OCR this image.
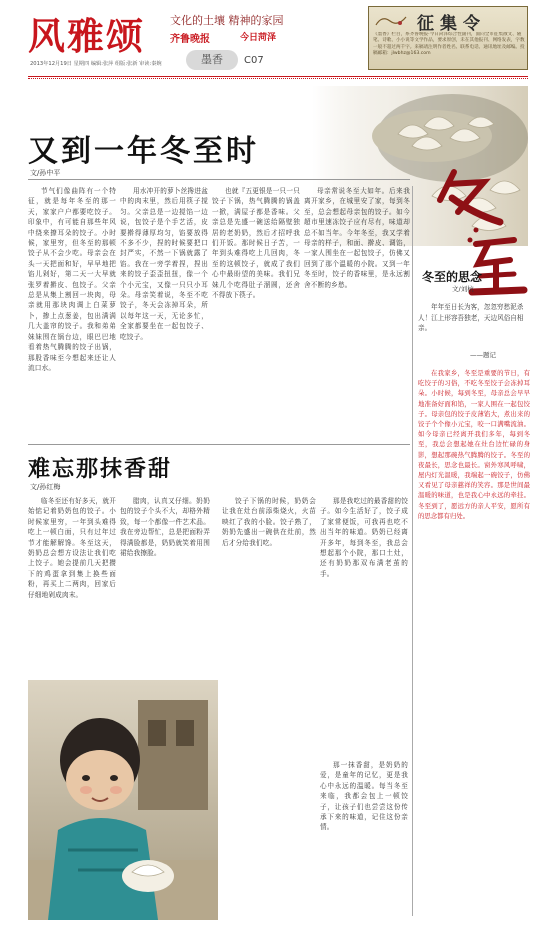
风雅颂 文化的土壤 精神的家园
齐鲁晚报	今日菏泽
墨香	C07
2013年12月19日 星期四 编辑:张萍 组版:张新 审读:秦婉
征集令
《墨香》栏目，系齐鲁晚报·今日菏泽综合性副刊，面向全市征集散文、随笔、诗歌、小小说等文学作品，要求原创，未在其他报刊、网络发表，字数一般不超过两千字。来稿请注明作者姓名、联系电话、通讯地址及邮编。投稿邮箱：jlwbhz@163.com
又到一年冬至时
文/孙中平
节气们像曲阵有一个特征，就是每年冬至的那一天，家家户户都要吃饺子。印象中，有可能自那些年风中绕来撩耳朵的饺子。小时候，家里穷，但冬至的那顿饺子从不会少吃。母亲会在头一天把面和好，早早地把馅儿剁好，第二天一大早就张罗着擀皮、包饺子。父亲总是从集上割回一块肉，母亲就用那块肉调上白菜萝卜，掺上点葱姜，包出满满几大盖帘的饺子。我和弟弟妹妹围在锅台边，眼巴巴地看着热气腾腾的饺子出锅，那股香味至今想起来还让人流口水。
用水冲开的萝卜丝搀进盆中的肉末里，然后用筷子搅匀。父亲总是一边搅馅一边说，包饺子是个手艺活，皮要擀得薄厚均匀，馅要放得不多不少，捏的时候要把口封严实，不然一下锅就露了馅。我在一旁学着捏，捏出来的饺子歪歪扭扭，像一个个小元宝，又像一只只小耳朵。母亲笑着说，冬至不吃饺子，冬天会冻掉耳朵，所以每年这一天，无论多忙，全家都要坐在一起包饺子、吃饺子。
也就『五更银是一只一只饺子下锅，热气腾腾的锅盖一掀，满屋子都是香味。父亲总是先盛一碗送给隔壁独居的老奶奶，然后才招呼我们开饭。那时候日子苦，一年到头难得吃上几回肉，冬至的这顿饺子，就成了我们心中最盼望的美味。我们兄妹几个吃得肚子溜圆，还舍不得放下筷子。
母亲常说冬至大如年。后来我离开家乡，在城里安了家，每到冬至，总会想起母亲包的饺子。如今超市里速冻饺子应有尽有，味道却总不如当年。今年冬至，我又学着母亲的样子，和面、擀皮、调馅，一家人围坐在一起包饺子，仿佛又回到了那个温暖的小院。又到一年冬至时，饺子的香味里，是永远割舍不断的乡愁。
冬至的思念
文/刘杭
年年至日长为客，忽忽穷愁泥杀人！江上形容吾独老，天边风俗自相亲。
——题记
在我家乡，冬至是重要的节日，有吃饺子的习俗，不吃冬至饺子会冻掉耳朵。小时候，每到冬至，母亲总会早早地准备好面和馅，一家人围在一起包饺子。母亲包的饺子皮薄馅大，煮出来的饺子个个像小元宝，咬一口满嘴流油。如今母亲已经离开我们多年，每到冬至，我总会想起她在灶台边忙碌的身影，想起那碗热气腾腾的饺子。冬至的夜最长，思念也最长。窗外寒风呼啸，屋内灯光温暖，我端起一碗饺子，仿佛又看见了母亲慈祥的笑容。那是世间最温暖的味道，也是我心中永远的牵挂。冬至到了，愿远方的亲人平安，愿所有的思念都有归处。
难忘那抹香甜
文/孙红梅
临冬至还有好多天，就开始惦记着奶奶包的饺子。小时候家里穷，一年到头难得吃上一顿白面，只有过年过节才能解解馋。冬至这天，奶奶总会想方设法让我们吃上饺子。她会提前几天把攒下的鸡蛋拿到集上换些面粉，再买上二两肉，回家后仔细地剁成肉末。
腊肉，认真又仔细。奶奶包的饺子个头不大，却格外精致，每一个都像一件艺术品。我在旁边帮忙，总是把面粉弄得满脸都是，奶奶就笑着用围裙给我擦脸。
饺子下锅的时候，奶奶会让我在灶台前添柴烧火，火苗映红了我的小脸。饺子熟了，奶奶先盛出一碗供在灶前，然后才分给我们吃。
那是我吃过的最香甜的饺子。如今生活好了，饺子成了家常便饭，可我再也吃不出当年的味道。奶奶已经离开多年，每到冬至，我总会想起那个小院，那口土灶，还有奶奶那双布满老茧的手。
那一抹香甜，是奶奶的爱，是童年的记忆，更是我心中永远的温暖。每当冬至来临，我都会包上一顿饺子，让孩子们也尝尝这份传承下来的味道，记住这份亲情。
